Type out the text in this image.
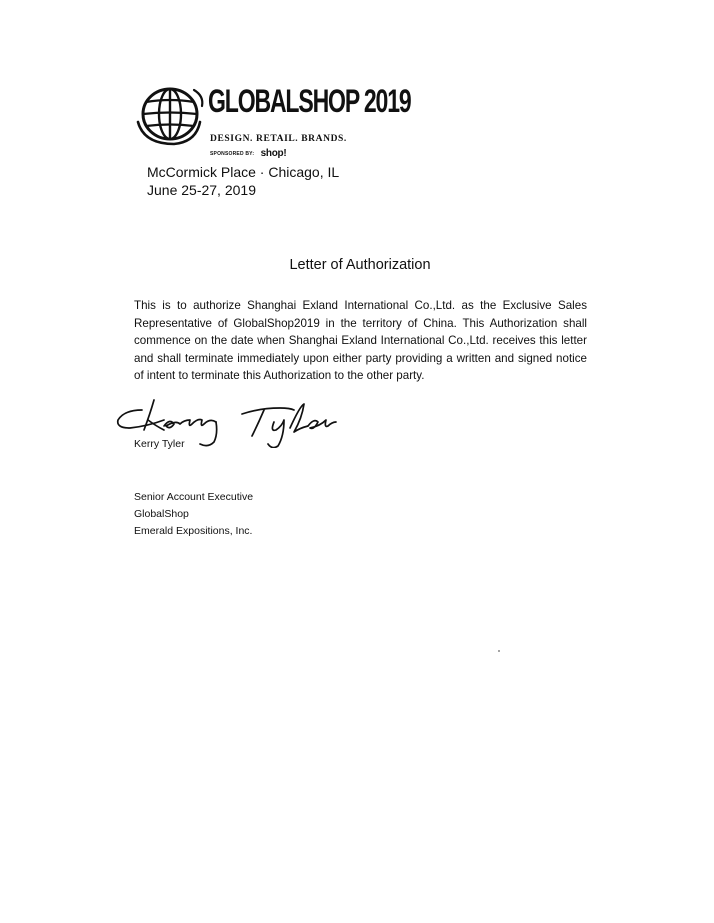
GLOBALSHOP 2019
DESIGN. RETAIL. BRANDS.
SPONSORED BY: shop!
McCormick Place · Chicago, IL
June 25-27, 2019
Letter of Authorization

This is to authorize Shanghai Exland International Co.,Ltd. as the Exclusive Sales Representative of GlobalShop2019 in the territory of China. This Authorization shall commence on the date when Shanghai Exland International Co.,Ltd. receives this letter and shall terminate immediately upon either party providing a written and signed notice of intent to terminate this Authorization to the other party.

Kerry Tyler
Senior Account Executive
GlobalShop
Emerald Expositions, Inc.
